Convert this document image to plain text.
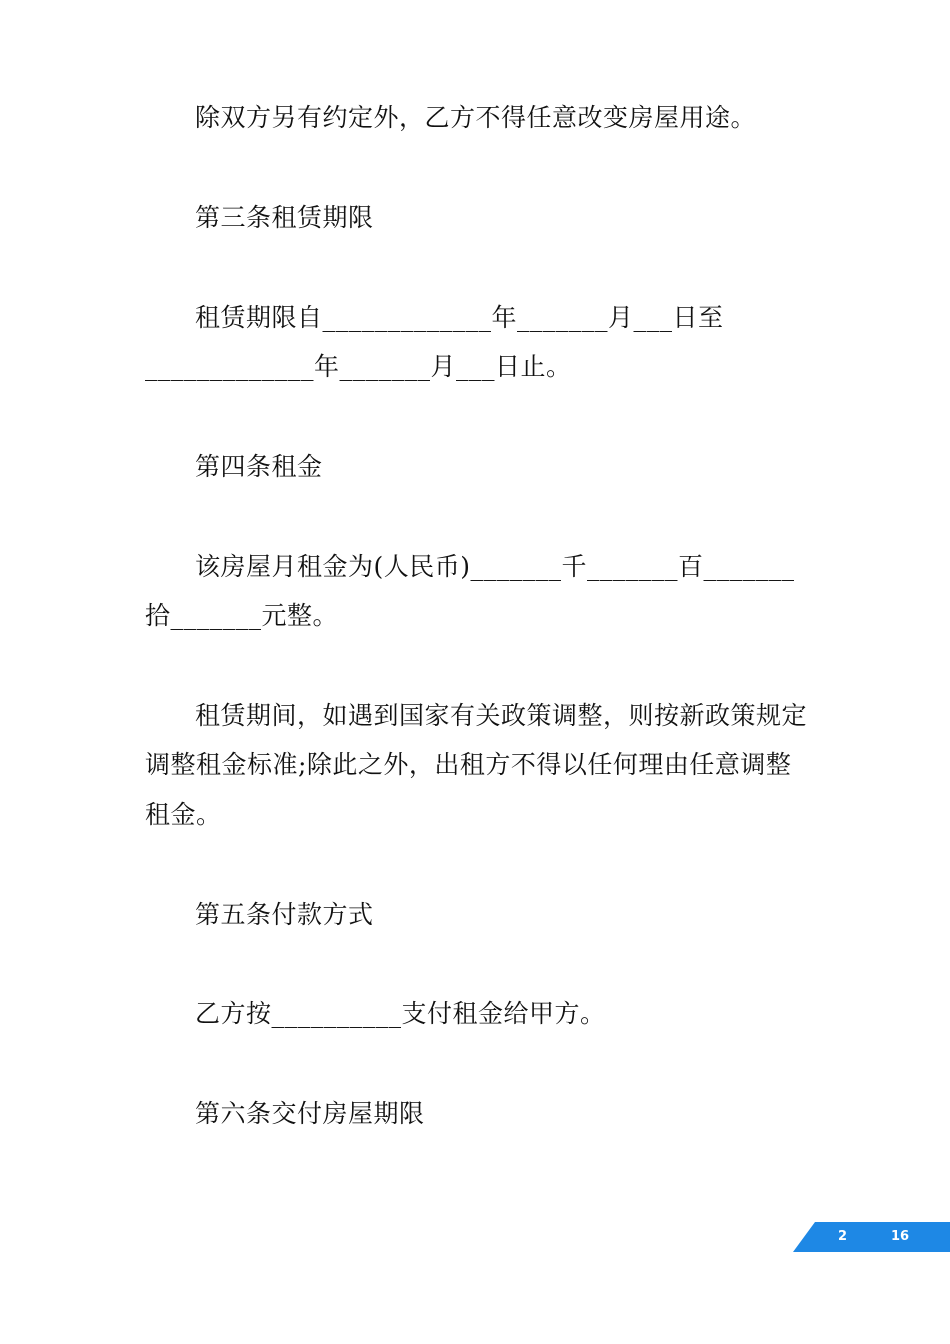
除双方另有约定外，乙方不得任意改变房屋用途。
第三条租赁期限
租赁期限自_____________年_______月___日至
_____________年_______月___日止。
第四条租金
该房屋月租金为(人民币)_______千_______百_______
拾_______元整。
租赁期间，如遇到国家有关政策调整，则按新政策规定
调整租金标准;除此之外，出租方不得以任何理由任意调整
租金。
第五条付款方式
乙方按__________支付租金给甲方。
第六条交付房屋期限
2	16
